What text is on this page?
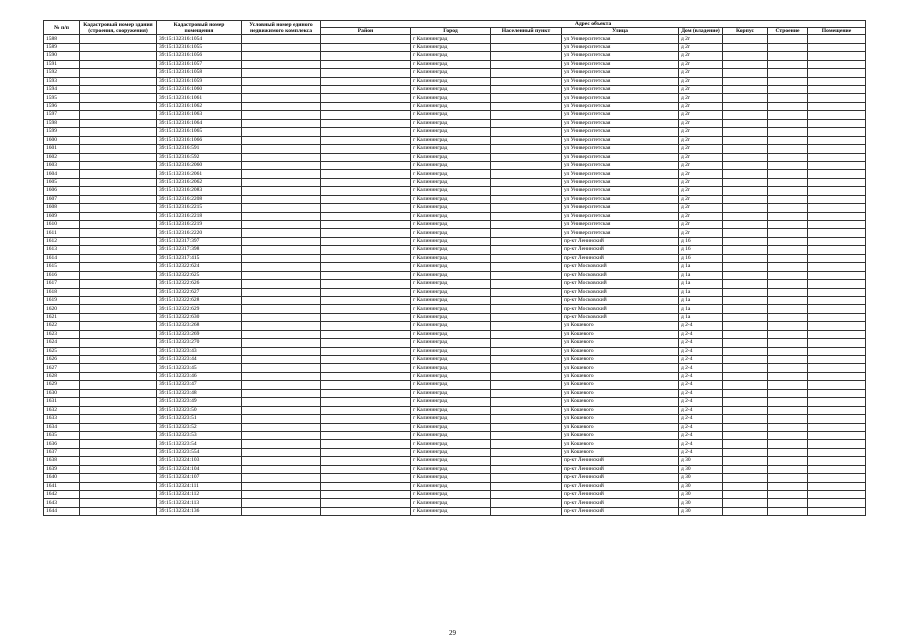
№ п/п	Кадастровый номер здания (строения, сооружения)	Кадастровый номер помещения	Условный номер единого недвижимого комплекса	Адрес объекта							
				Район	Город	Населенный пункт	Улица	Дом (владение)	Корпус	Строение	Помещение
1588		39:15:132316:1054			г Калининград		ул Университетская	д 2г			
1589		39:15:132316:1055			г Калининград		ул Университетская	д 2г			
1590		39:15:132316:1056			г Калининград		ул Университетская	д 2г			
1591		39:15:132316:1057			г Калининград		ул Университетская	д 2г			
1592		39:15:132316:1058			г Калининград		ул Университетская	д 2г			
1593		39:15:132316:1059			г Калининград		ул Университетская	д 2г			
1594		39:15:132316:1060			г Калининград		ул Университетская	д 2г			
1595		39:15:132316:1061			г Калининград		ул Университетская	д 2г			
1596		39:15:132316:1062			г Калининград		ул Университетская	д 2г			
1597		39:15:132316:1063			г Калининград		ул Университетская	д 2г			
1598		39:15:132316:1064			г Калининград		ул Университетская	д 2г			
1599		39:15:132316:1065			г Калининград		ул Университетская	д 2г			
1600		39:15:132316:1066			г Калининград		ул Университетская	д 2г			
1601		39:15:132316:591			г Калининград		ул Университетская	д 2г			
1602		39:15:132316:592			г Калининград		ул Университетская	д 2г			
1603		39:15:132316:2060			г Калининград		ул Университетская	д 2г			
1604		39:15:132316:2061			г Калининград		ул Университетская	д 2г			
1605		39:15:132316:2062			г Калининград		ул Университетская	д 2г			
1606		39:15:132316:2083			г Калининград		ул Университетская	д 2г			
1607		39:15:132316:2208			г Калининград		ул Университетская	д 2г			
1608		39:15:132316:2215			г Калининград		ул Университетская	д 2г			
1609		39:15:132316:2218			г Калининград		ул Университетская	д 2г			
1610		39:15:132316:2219			г Калининград		ул Университетская	д 2г			
1611		39:15:132316:2220			г Калининград		ул Университетская	д 2г			
1612		39:15:132317:397			г Калининград		пр-кт Ленинский	д 16			
1613		39:15:132317:398			г Калининград		пр-кт Ленинский	д 16			
1614		39:15:132317:415			г Калининград		пр-кт Ленинский	д 16			
1615		39:15:132322:624			г Калининград		пр-кт Московский	д 1а			
1616		39:15:132322:625			г Калининград		пр-кт Московский	д 1а			
1617		39:15:132322:626			г Калининград		пр-кт Московский	д 1а			
1618		39:15:132322:627			г Калининград		пр-кт Московский	д 1а			
1619		39:15:132322:628			г Калининград		пр-кт Московский	д 1а			
1620		39:15:132322:629			г Калининград		пр-кт Московский	д 1а			
1621		39:15:132322:630			г Калининград		пр-кт Московский	д 1а			
1622		39:15:132323:268			г Калининград		ул Кошевого	д 2-4			
1623		39:15:132323:269			г Калининград		ул Кошевого	д 2-4			
1624		39:15:132323:270			г Калининград		ул Кошевого	д 2-4			
1625		39:15:132323:43			г Калининград		ул Кошевого	д 2-4			
1626		39:15:132323:44			г Калининград		ул Кошевого	д 2-4			
1627		39:15:132323:45			г Калининград		ул Кошевого	д 2-4			
1628		39:15:132323:46			г Калининград		ул Кошевого	д 2-4			
1629		39:15:132323:47			г Калининград		ул Кошевого	д 2-4			
1630		39:15:132323:48			г Калининград		ул Кошевого	д 2-4			
1631		39:15:132323:49			г Калининград		ул Кошевого	д 2-4			
1632		39:15:132323:50			г Калининград		ул Кошевого	д 2-4			
1633		39:15:132323:51			г Калининград		ул Кошевого	д 2-4			
1634		39:15:132323:52			г Калининград		ул Кошевого	д 2-4			
1635		39:15:132323:53			г Калининград		ул Кошевого	д 2-4			
1636		39:15:132323:54			г Калининград		ул Кошевого	д 2-4			
1637		39:15:132323:554			г Калининград		ул Кошевого	д 2-4			
1638		39:15:132324:103			г Калининград		пр-кт Ленинский	д 30			
1639		39:15:132324:104			г Калининград		пр-кт Ленинский	д 30			
1640		39:15:132324:107			г Калининград		пр-кт Ленинский	д 30			
1641		39:15:132324:111			г Калининград		пр-кт Ленинский	д 30			
1642		39:15:132324:112			г Калининград		пр-кт Ленинский	д 30			
1643		39:15:132324:113			г Калининград		пр-кт Ленинский	д 30			
1644		39:15:132324:136			г Калининград		пр-кт Ленинский	д 30			
29
